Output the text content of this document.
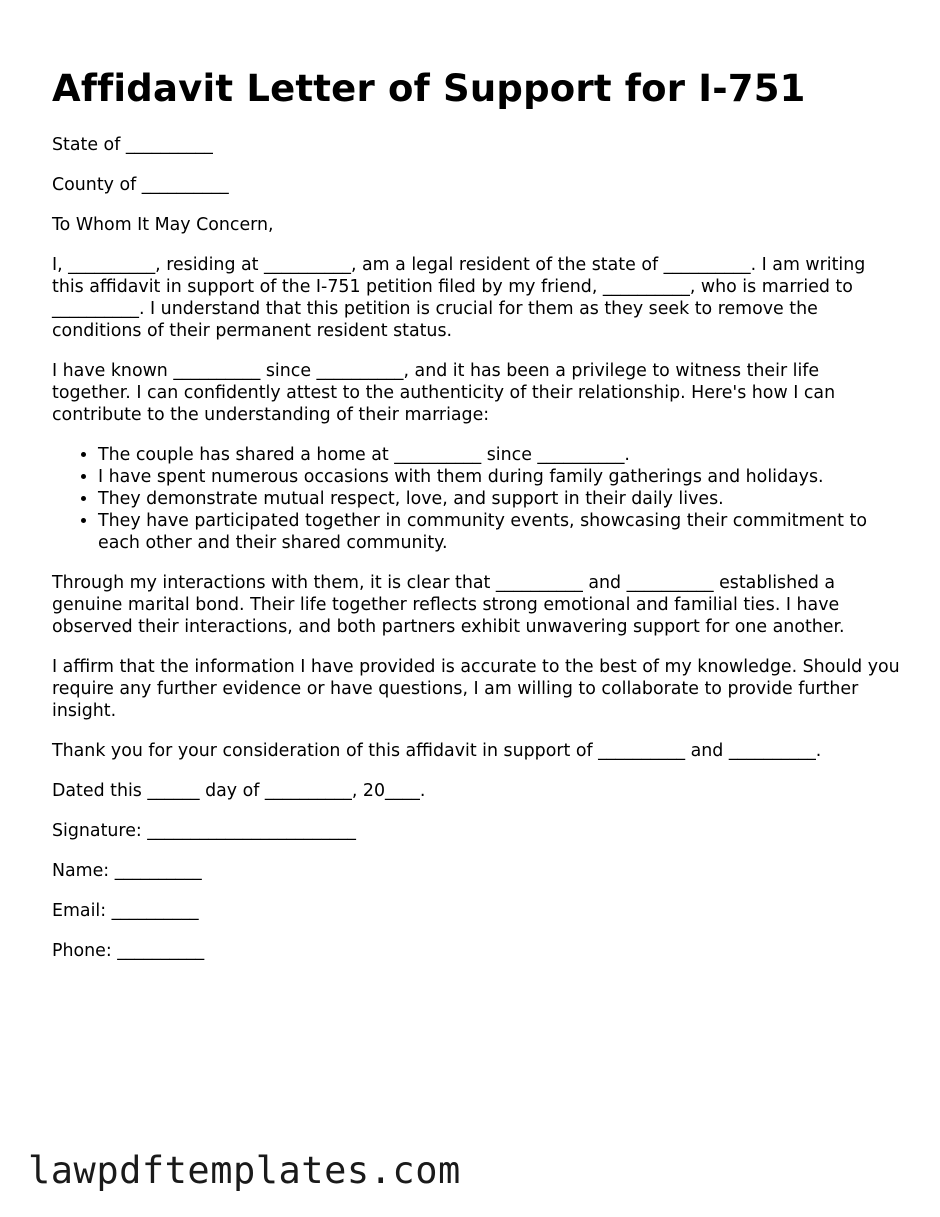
Affidavit Letter of Support for I-751

State of __________

County of __________

To Whom It May Concern,

I, __________, residing at __________, am a legal resident of the state of __________. I am writing this affidavit in support of the I-751 petition filed by my friend, __________, who is married to __________. I understand that this petition is crucial for them as they seek to remove the conditions of their permanent resident status.

I have known __________ since __________, and it has been a privilege to witness their life together. I can confidently attest to the authenticity of their relationship. Here's how I can contribute to the understanding of their marriage:

• The couple has shared a home at __________ since __________.
• I have spent numerous occasions with them during family gatherings and holidays.
• They demonstrate mutual respect, love, and support in their daily lives.
• They have participated together in community events, showcasing their commitment to each other and their shared community.

Through my interactions with them, it is clear that __________ and __________ established a genuine marital bond. Their life together reflects strong emotional and familial ties. I have observed their interactions, and both partners exhibit unwavering support for one another.

I affirm that the information I have provided is accurate to the best of my knowledge. Should you require any further evidence or have questions, I am willing to collaborate to provide further insight.

Thank you for your consideration of this affidavit in support of __________ and __________.

Dated this ______ day of __________, 20____.

Signature: ________________________

Name: __________

Email: __________

Phone: __________

lawpdftemplates.com
